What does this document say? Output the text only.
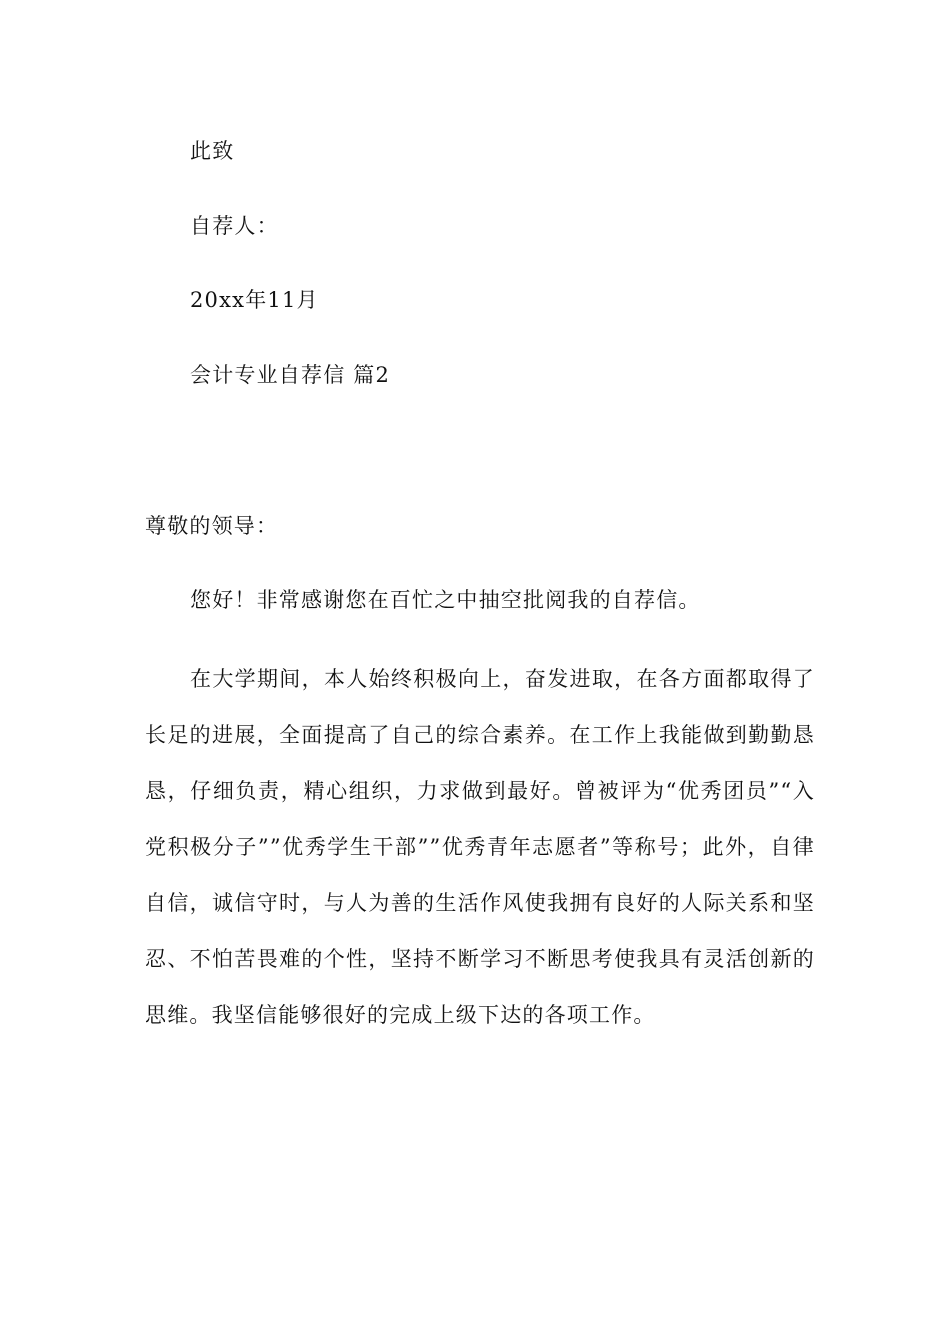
此致
自荐人：
20xx年11月
会计专业自荐信 篇2
尊敬的领导：
您好！非常感谢您在百忙之中抽空批阅我的自荐信。

在大学期间，本人始终积极向上，奋发进取，在各方面都取得了长足的进展，全面提高了自己的综合素养。在工作上我能做到勤勤恳恳，仔细负责，精心组织，力求做到最好。曾被评为“优秀团员”“入党积极分子””优秀学生干部””优秀青年志愿者”等称号；此外，自律自信，诚信守时，与人为善的生活作风使我拥有良好的人际关系和坚忍、不怕苦畏难的个性，坚持不断学习不断思考使我具有灵活创新的思维。我坚信能够很好的完成上级下达的各项工作。
